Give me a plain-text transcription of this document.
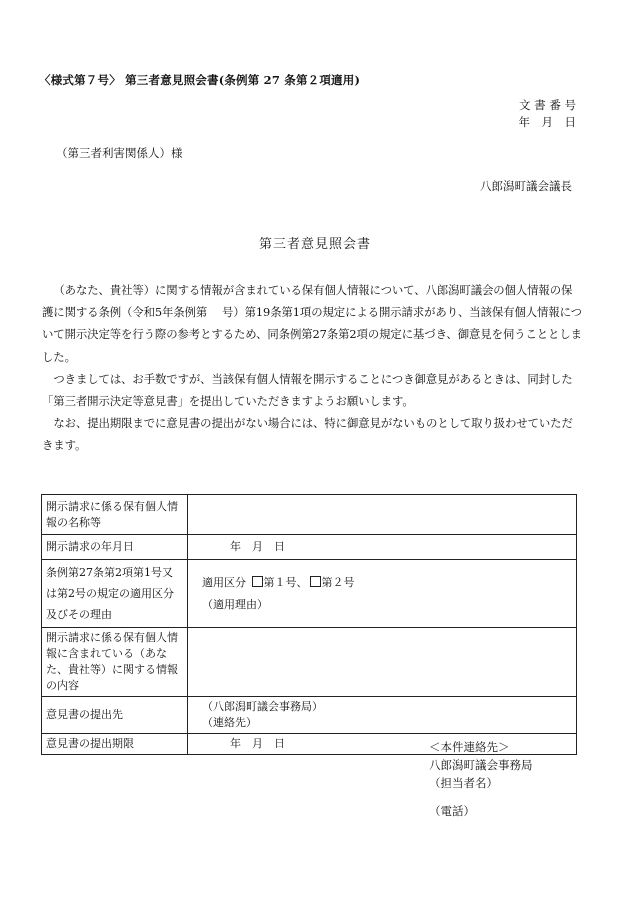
〈様式第７号〉 第三者意見照会書(条例第 27 条第２項適用)
文 書 番 号
年　月　日
（第三者利害関係人）様
八郎潟町議会議長
第三者意見照会書

（あなた、貴社等）に関する情報が含まれている保有個人情報について、八郎潟町議会の個人情報の保護に関する条例（令和5年条例第　 号）第19条第1項の規定による開示請求があり、当該保有個人情報について開示決定等を行う際の参考とするため、同条例第27条第2項の規定に基づき、御意見を伺うこととしました。

つきましては、お手数ですが、当該保有個人情報を開示することにつき御意見があるときは、同封した「第三者開示決定等意見書」を提出していただきますようお願いします。

なお、提出期限までに意見書の提出がない場合には、特に御意見がないものとして取り扱わせていただきます。

開示請求に係る保有個人情報の名称等	
開示請求の年月日	年　月　日
条例第27条第2項第1号又は第2号の規定の適用区分及びその理由	適用区分 第１号、 第２号
（適用理由）

開示請求に係る保有個人情報に含まれている（あなた、貴社等）に関する情報の内容	
意見書の提出先	（八郎潟町議会事務局）
（連絡先）

意見書の提出期限	年　月　日	＜本件連絡先＞
八郎潟町議会事務局
（担当者名）
（電話）
